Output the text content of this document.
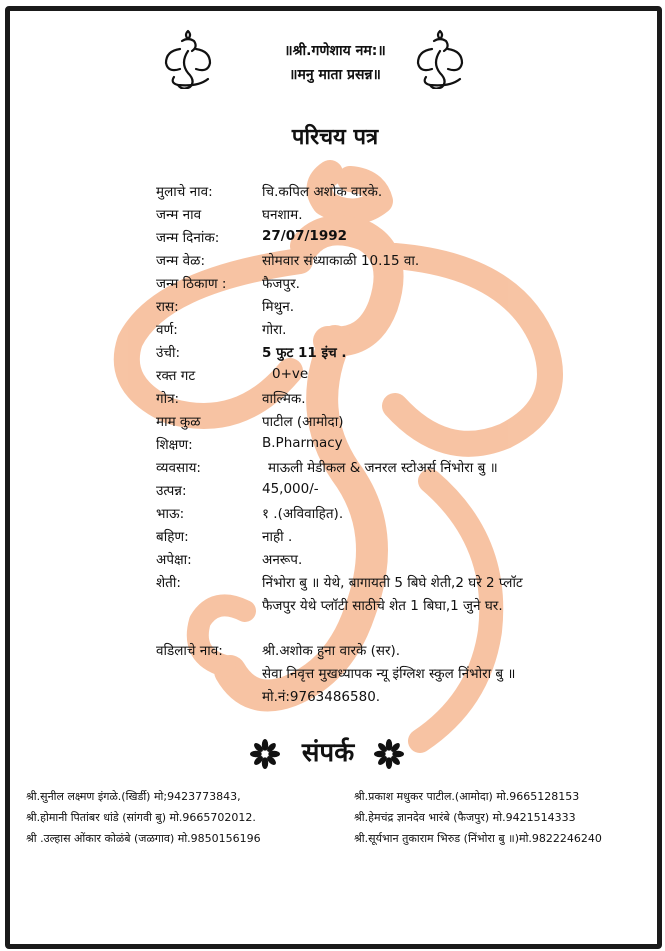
॥श्री.गणेशाय नम:॥
॥मनु माता प्रसन्न॥
परिचय पत्र
मुलाचे नाव:	चि.कपिल अशोक वारके.
जन्म नाव	घनशाम.
जन्म दिनांक:	27/07/1992
जन्म वेळ:	सोमवार संध्याकाळी 10.15 वा.
जन्म ठिकाण :	फैजपुर.
रास:	मिथुन.
वर्ण:	गोरा.
उंची:	5 फुट 11 इंच .
रक्त गट	0+ve
गोत्र:	वाल्मिक.
माम कुळ	पाटील (आमोदा)
शिक्षण:	B.Pharmacy
व्यवसाय:	माऊली मेडीकल & जनरल स्टोअर्स निंभोरा बु ॥
उत्पन्न:	45,000/-
भाऊ:	१ .(अविवाहित).
बहिण:	नाही .
अपेक्षा:	अनरूप.
शेती:	निंभोरा बु ॥ येथे, बागायती 5 बिघे शेती,2 घरे 2 प्लॉट
फैजपुर येथे प्लॉटी साठीचे शेत 1 बिघा,1 जुने घर.
वडिलाचे नाव:	श्री.अशोक हुना वारके (सर).
सेवा निवृत्त मुखध्यापक न्यू इंग्लिश स्कुल निंभोरा बु ॥
मो.नं:9763486580.
संपर्क
श्री.सुनील लक्ष्मण इंगळे.(खिर्डी) मो;9423773843,
श्री.होमानी पितांबर धांडे (सांगवी बु) मो.9665702012.
श्री .उल्हास ओंकार कोळंबे (जळगाव) मो.9850156196
श्री.प्रकाश मधुकर पाटील.(आमोदा) मो.9665128153
श्री.हेमचंद्र ज्ञानदेव भारंबे (फैजपुर) मो.9421514333
श्री.सूर्यभान तुकाराम भिरुड (निंभोरा बु ॥)मो.9822246240
